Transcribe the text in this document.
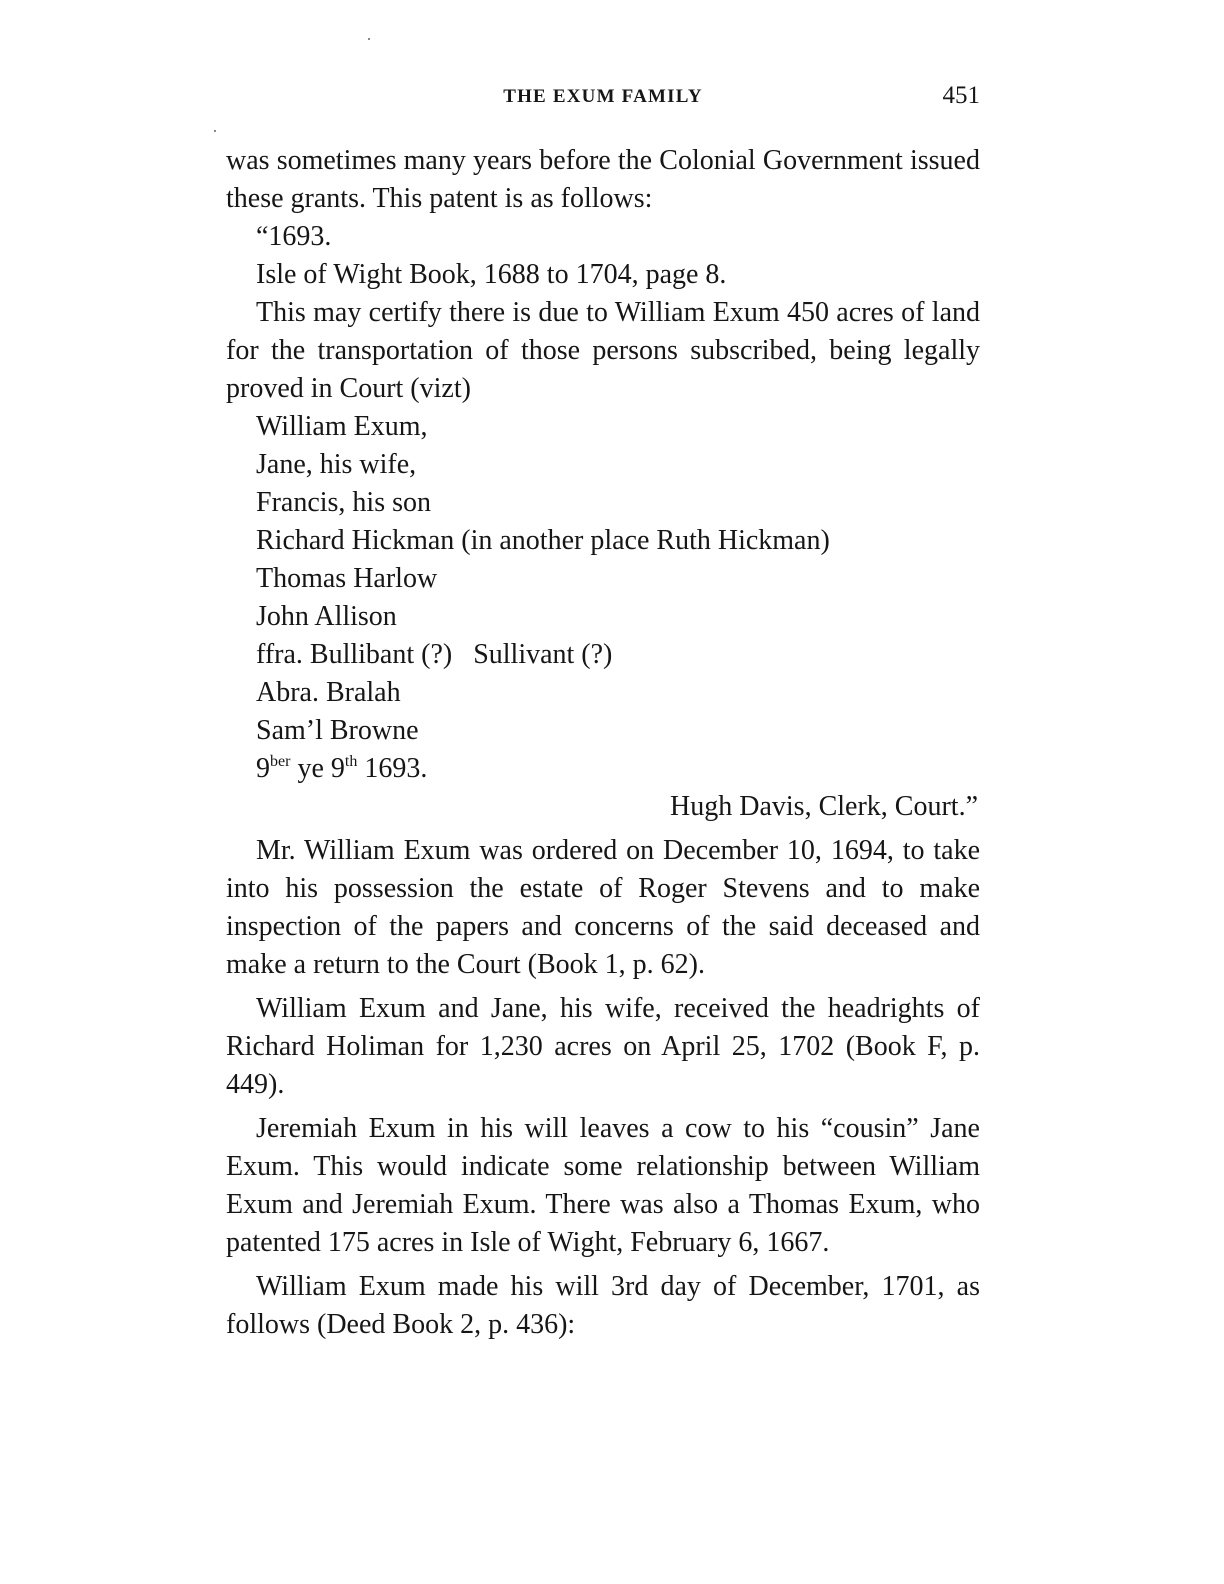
THE EXUM FAMILY	451

was sometimes many years before the Colonial Government issued these grants. This patent is as follows:

“1693.

Isle of Wight Book, 1688 to 1704, page 8.

This may certify there is due to William Exum 450 acres of land for the transportation of those persons subscribed, being legally proved in Court (vizt)

William Exum,

Jane, his wife,

Francis, his son

Richard Hickman (in another place Ruth Hickman)

Thomas Harlow

John Allison

ffra. Bullibant (?)   Sullivant (?)

Abra. Bralah

Sam’l Browne

$9^{ber}$ ye 9th 1693.

Hugh Davis, Clerk, Court.”

Mr. William Exum was ordered on December 10, 1694, to take into his possession the estate of Roger Stevens and to make inspection of the papers and concerns of the said deceased and make a return to the Court (Book 1, p. 62).

William Exum and Jane, his wife, received the headrights of Richard Holiman for 1,230 acres on April 25, 1702 (Book F, p. 449).

Jeremiah Exum in his will leaves a cow to his “cousin” Jane Exum. This would indicate some relationship between William Exum and Jeremiah Exum. There was also a Thomas Exum, who patented 175 acres in Isle of Wight, February 6, 1667.

William Exum made his will 3rd day of December, 1701, as follows (Deed Book 2, p. 436):
